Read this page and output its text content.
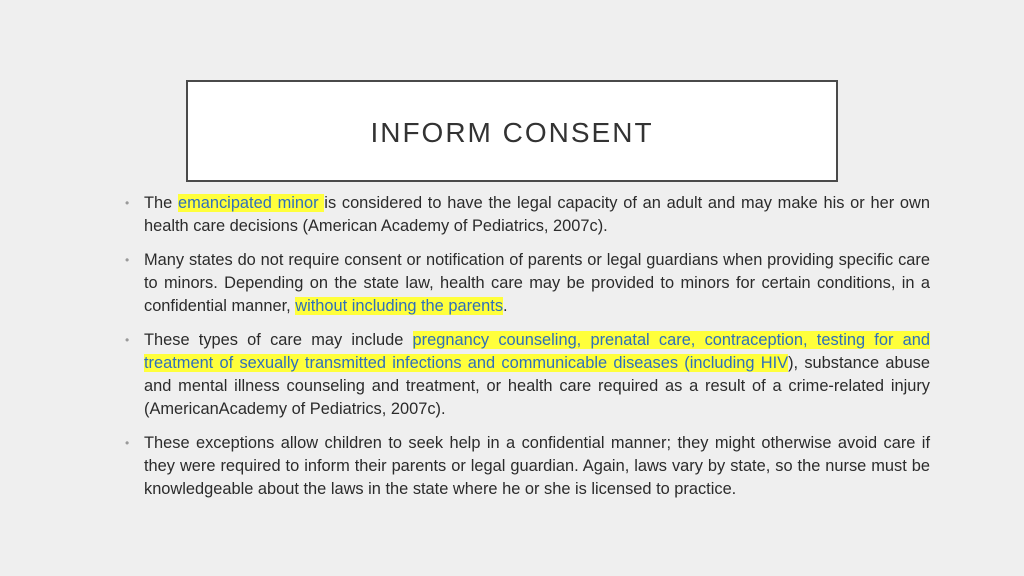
INFORM CONSENT
• The emancipated minor is considered to have the legal capacity of an adult and may make his or her own health care decisions (American Academy of Pediatrics, 2007c).
• Many states do not require consent or notification of parents or legal guardians when providing specific care to minors. Depending on the state law, health care may be provided to minors for certain conditions, in a confidential manner, without including the parents.
• These types of care may include pregnancy counseling, prenatal care, contraception, testing for and treatment of sexually transmitted infections and communicable diseases (including HIV), substance abuse and mental illness counseling and treatment, or health care required as a result of a crime-related injury (AmericanAcademy of Pediatrics, 2007c).
• These exceptions allow children to seek help in a confidential manner; they might otherwise avoid care if they were required to inform their parents or legal guardian. Again, laws vary by state, so the nurse must be knowledgeable about the laws in the state where he or she is licensed to practice.
